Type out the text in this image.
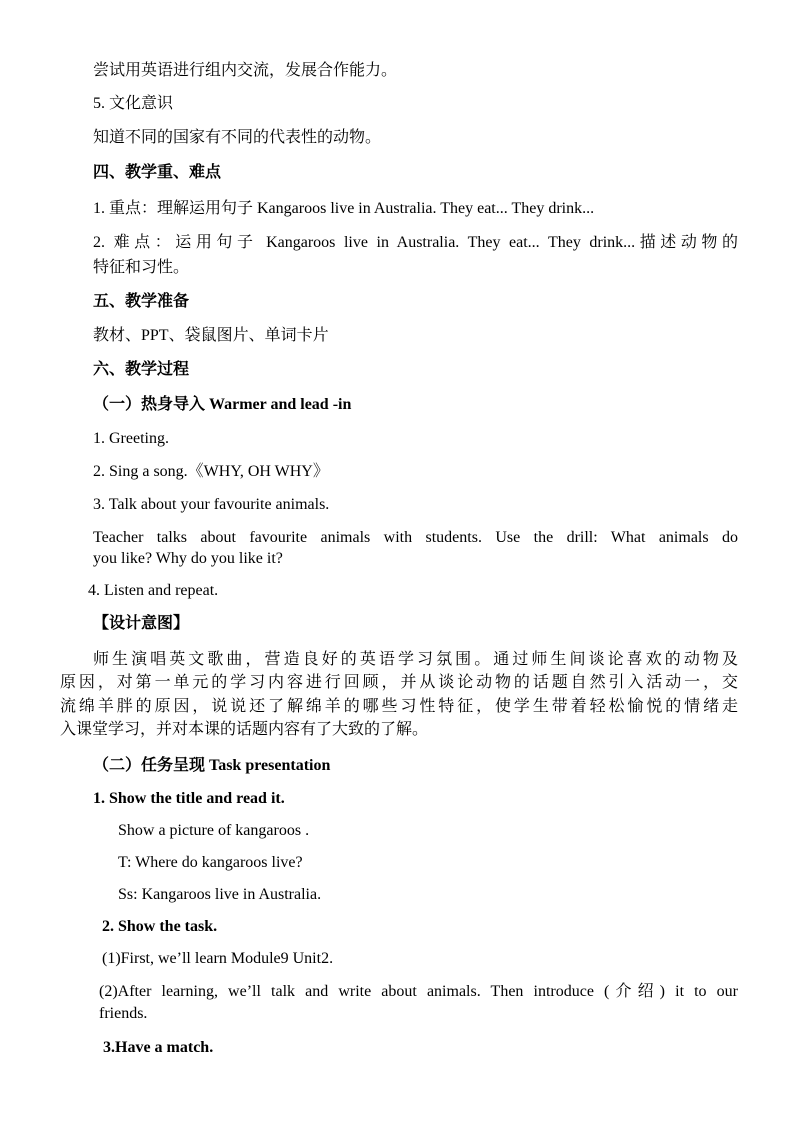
尝试用英语进行组内交流，发展合作能力。
5. 文化意识
知道不同的国家有不同的代表性的动物。
四、教学重、难点
1. 重点：理解运用句子 Kangaroos live in Australia. They eat... They drink...
2. 难点：运用句子 Kangaroos live in Australia. They eat... They drink...描述动物的
特征和习性。
五、教学准备
教材、PPT、袋鼠图片、单词卡片
六、教学过程
（一）热身导入 Warmer and lead -in
1. Greeting.
2. Sing a song.《WHY, OH WHY》
3. Talk about your favourite animals.
Teacher talks about favourite animals with students. Use the drill: What animals do
you like? Why do you like it?
4. Listen and repeat.
【设计意图】
师生演唱英文歌曲，营造良好的英语学习氛围。通过师生间谈论喜欢的动物及
原因，对第一单元的学习内容进行回顾，并从谈论动物的话题自然引入活动一，交
流绵羊胖的原因，说说还了解绵羊的哪些习性特征，使学生带着轻松愉悦的情绪走
入课堂学习，并对本课的话题内容有了大致的了解。
（二）任务呈现 Task presentation
1. Show the title and read it.
Show a picture of kangaroos .
T: Where do kangaroos live?
Ss: Kangaroos live in Australia.
2. Show the task.
(1)First, we’ll learn Module9 Unit2.
(2)After learning, we’ll talk and write about animals. Then introduce (介绍) it to our
friends.
3.Have a match.
